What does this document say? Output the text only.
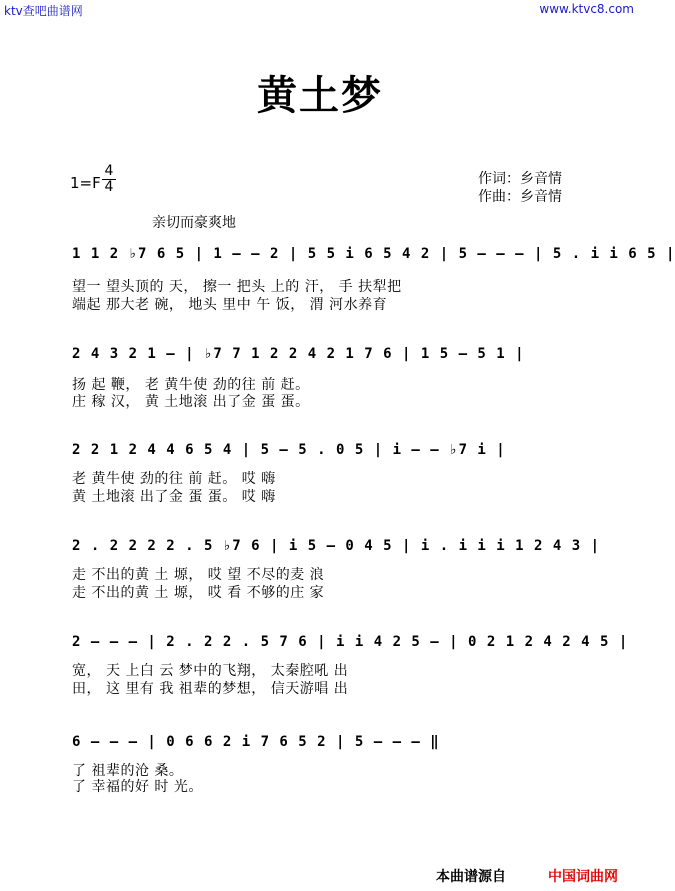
ktv查吧曲谱网	www.ktvc8.com
黄土梦
1=F
4
4	作词：乡音情
作曲：乡音情
亲切而豪爽地
1 1 2 ♭7 6 5 | 1 – – 2 | 5 5 i 6 5 4 2 | 5 – – – | 5 . i i 6 5 |
望一 望头顶的 天， 擦一 把头 上的 汗， 手 扶犁把
端起 那大老 碗， 地头 里中 午 饭， 渭 河水养育
2 4 3 2 1 – | ♭7 7 1 2 2 4 2 1 7 6 | 1 5 – 5 1 |
扬 起 鞭， 老 黄牛使 劲的往 前 赶。
庄 稼 汉， 黄 土地滚 出了金 蛋 蛋。
2 2 1 2 4 4 6 5 4 | 5 – 5 . 0 5 | i – – ♭7 i |
老 黄牛使 劲的往 前 赶。 哎 嗨
黄 土地滚 出了金 蛋 蛋。 哎 嗨
2 . 2 2 2 2 . 5 ♭7 6 | i 5 – 0 4 5 | i . i i i 1 2 4 3 |
走 不出的黄 土 塬， 哎 望 不尽的麦 浪
走 不出的黄 土 塬， 哎 看 不够的庄 家
2 – – – | 2 . 2 2 . 5 7 6 | i i 4 2 5 – | 0 2 1 2 4 2 4 5 |
宽， 天 上白 云 梦中的飞翔， 太秦腔吼 出
田， 这 里有 我 祖辈的梦想， 信天游唱 出
6 – – – | 0 6 6 2 i 7 6 5 2 | 5 – – – ‖
了 祖辈的沧 桑。
了 幸福的好 时 光。
本曲谱源自	中国词曲网
